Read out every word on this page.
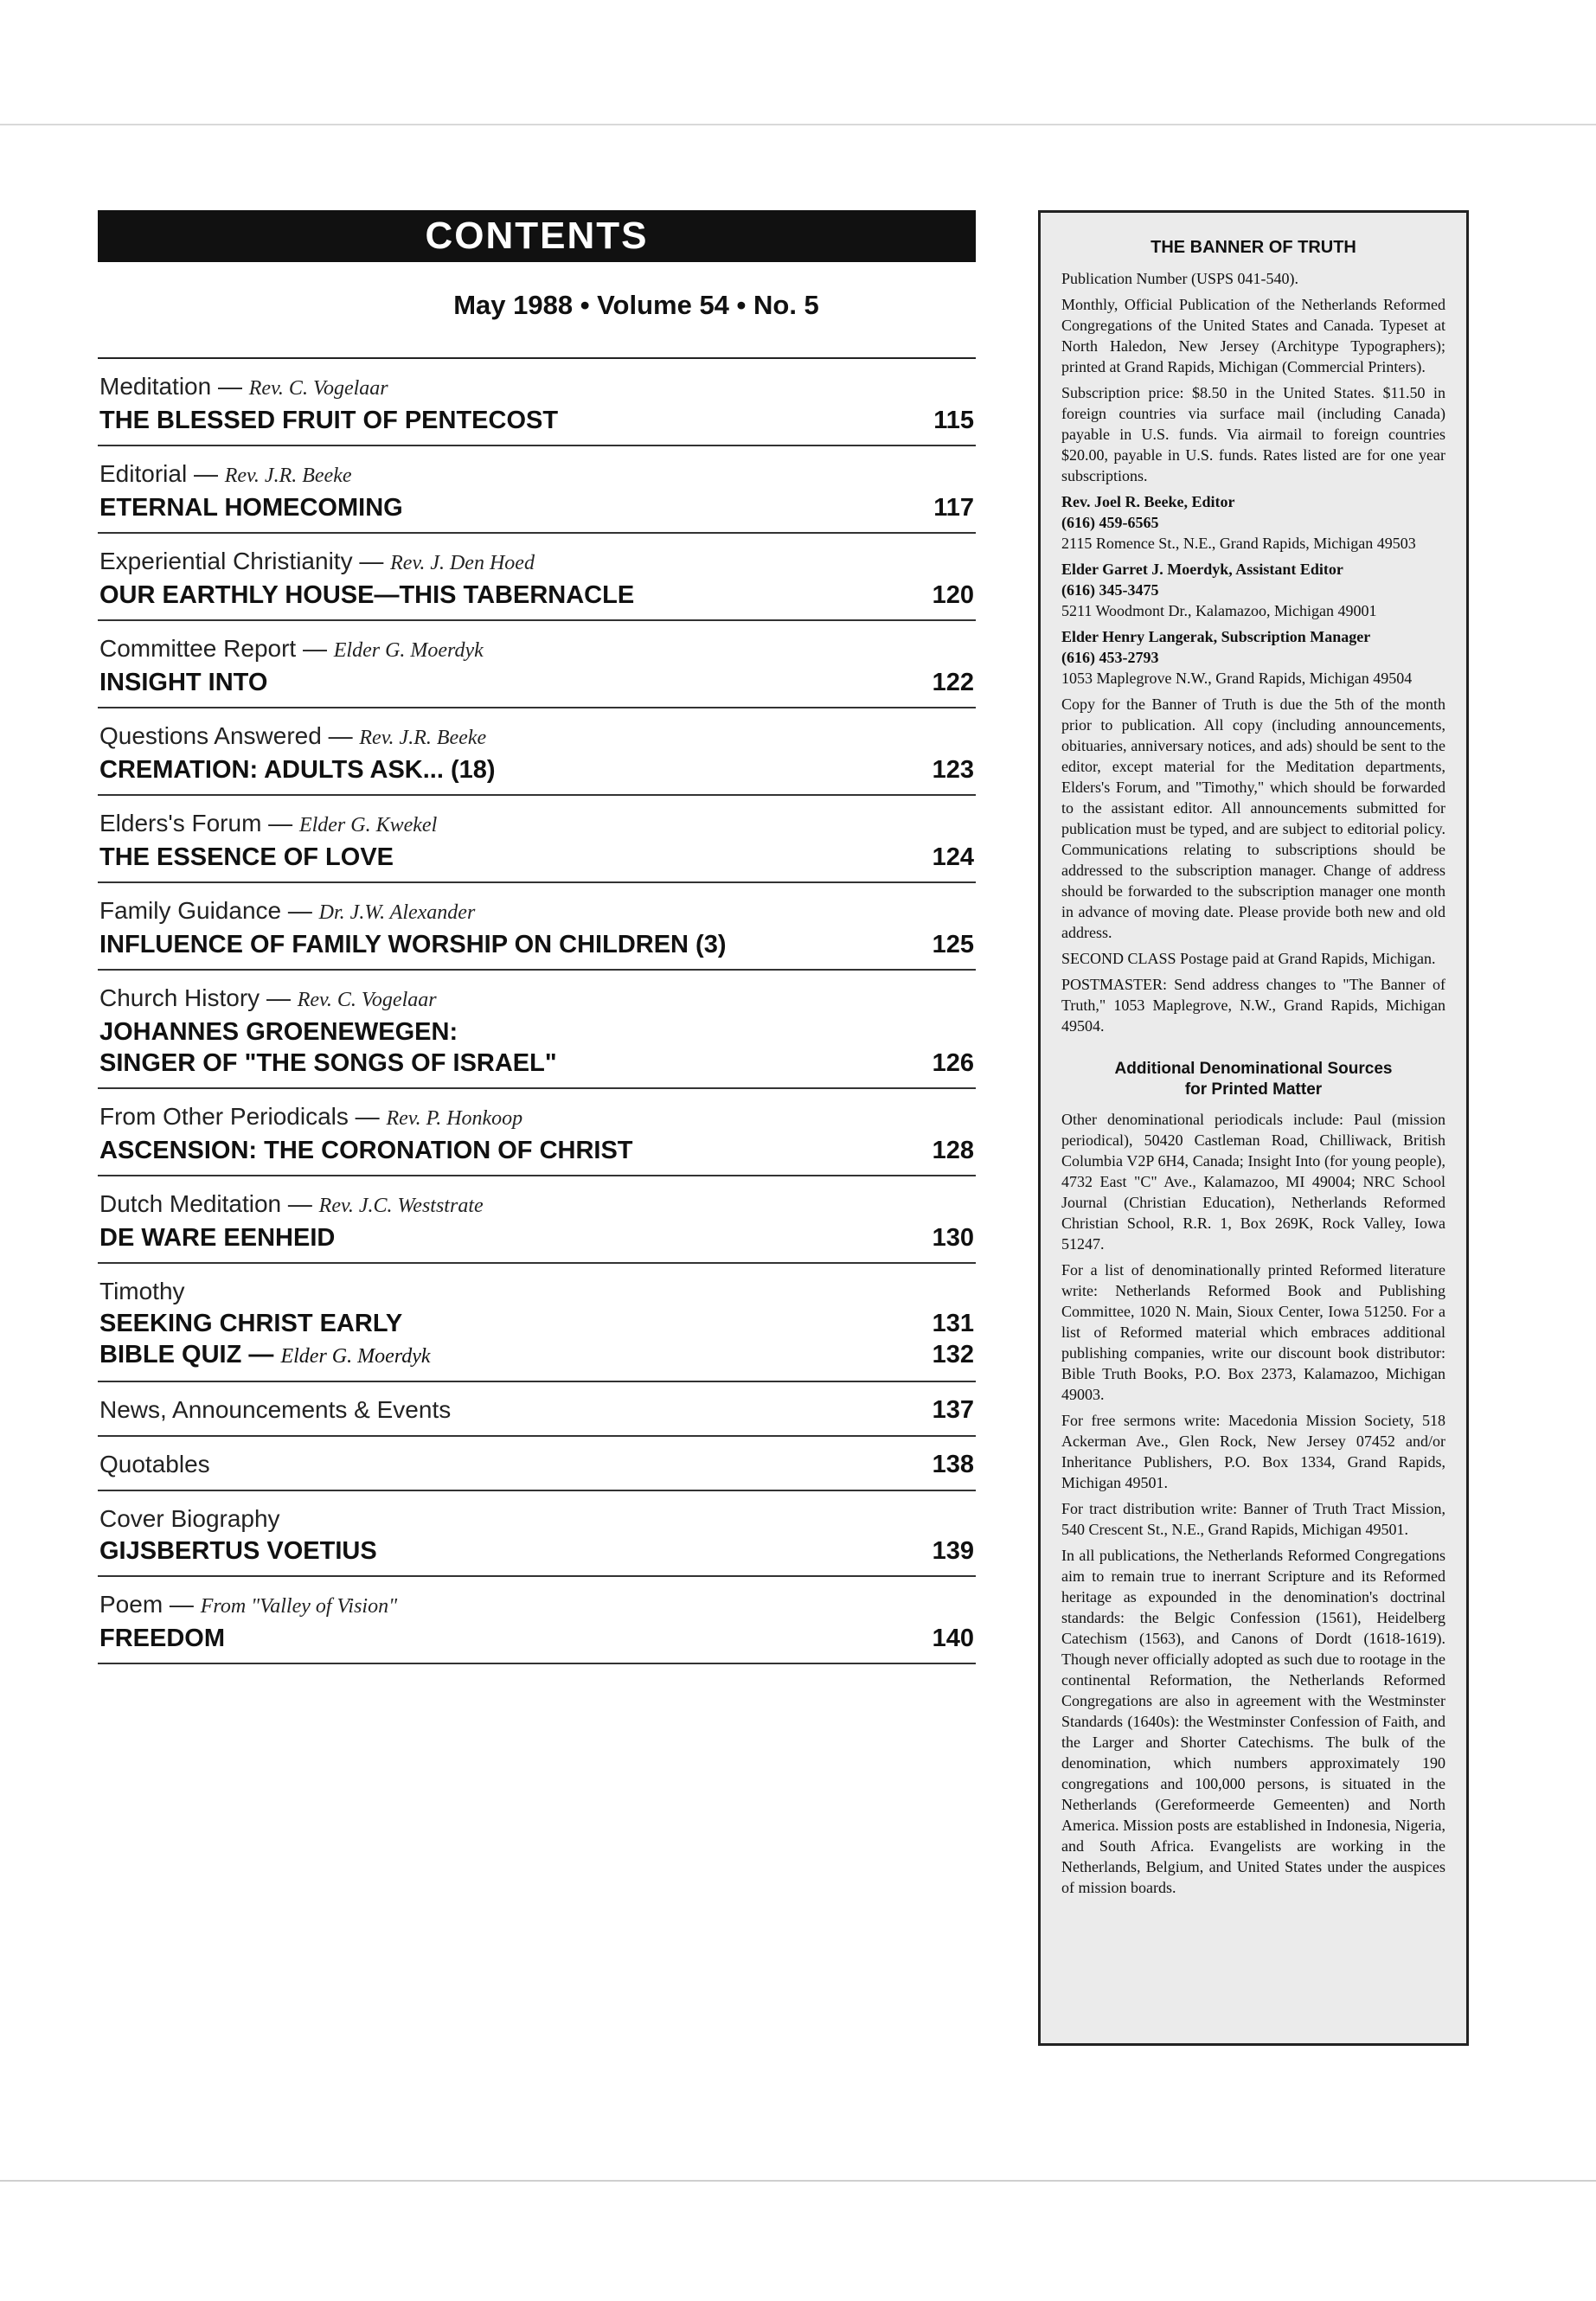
CONTENTS
May 1988 • Volume 54 • No. 5
Meditation — Rev. C. Vogelaar
THE BLESSED FRUIT OF PENTECOST	115
Editorial — Rev. J.R. Beeke
ETERNAL HOMECOMING	117
Experiential Christianity — Rev. J. Den Hoed
OUR EARTHLY HOUSE—THIS TABERNACLE	120
Committee Report — Elder G. Moerdyk
INSIGHT INTO	122
Questions Answered — Rev. J.R. Beeke
CREMATION: ADULTS ASK... (18)	123
Elders's Forum — Elder G. Kwekel
THE ESSENCE OF LOVE	124
Family Guidance — Dr. J.W. Alexander
INFLUENCE OF FAMILY WORSHIP ON CHILDREN (3)	125
Church History — Rev. C. Vogelaar
JOHANNES GROENEWEGEN:
SINGER OF "THE SONGS OF ISRAEL"	126
From Other Periodicals — Rev. P. Honkoop
ASCENSION: THE CORONATION OF CHRIST	128
Dutch Meditation — Rev. J.C. Weststrate
DE WARE EENHEID	130
Timothy
SEEKING CHRIST EARLY	131
BIBLE QUIZ — Elder G. Moerdyk	132
News, Announcements & Events	137
Quotables	138
Cover Biography
GIJSBERTUS VOETIUS	139
Poem — From "Valley of Vision"
FREEDOM	140
THE BANNER OF TRUTH

Publication Number (USPS 041-540).

Monthly, Official Publication of the Netherlands Reformed Congregations of the United States and Canada. Typeset at North Haledon, New Jersey (Architype Typographers); printed at Grand Rapids, Michigan (Commercial Printers).

Subscription price: $8.50 in the United States. $11.50 in foreign countries via surface mail (including Canada) payable in U.S. funds. Via airmail to foreign countries $20.00, payable in U.S. funds. Rates listed are for one year subscriptions.

Rev. Joel R. Beeke, Editor
(616) 459-6565
2115 Romence St., N.E., Grand Rapids, Michigan 49503
Elder Garret J. Moerdyk, Assistant Editor
(616) 345-3475
5211 Woodmont Dr., Kalamazoo, Michigan 49001
Elder Henry Langerak, Subscription Manager
(616) 453-2793
1053 Maplegrove N.W., Grand Rapids, Michigan 49504

Copy for the Banner of Truth is due the 5th of the month prior to publication. All copy (including announcements, obituaries, anniversary notices, and ads) should be sent to the editor, except material for the Meditation departments, Elders's Forum, and "Timothy," which should be forwarded to the assistant editor. All announcements submitted for publication must be typed, and are subject to editorial policy. Communications relating to subscriptions should be addressed to the subscription manager. Change of address should be forwarded to the subscription manager one month in advance of moving date. Please provide both new and old address.

SECOND CLASS Postage paid at Grand Rapids, Michigan.

POSTMASTER: Send address changes to "The Banner of Truth," 1053 Maplegrove, N.W., Grand Rapids, Michigan 49504.

Additional Denominational Sources
for Printed Matter

Other denominational periodicals include: Paul (mission periodical), 50420 Castleman Road, Chilliwack, British Columbia V2P 6H4, Canada; Insight Into (for young people), 4732 East "C" Ave., Kalamazoo, MI 49004; NRC School Journal (Christian Education), Netherlands Reformed Christian School, R.R. 1, Box 269K, Rock Valley, Iowa 51247.

For a list of denominationally printed Reformed literature write: Netherlands Reformed Book and Publishing Committee, 1020 N. Main, Sioux Center, Iowa 51250. For a list of Reformed material which embraces additional publishing companies, write our discount book distributor: Bible Truth Books, P.O. Box 2373, Kalamazoo, Michigan 49003.

For free sermons write: Macedonia Mission Society, 518 Ackerman Ave., Glen Rock, New Jersey 07452 and/or Inheritance Publishers, P.O. Box 1334, Grand Rapids, Michigan 49501.

For tract distribution write: Banner of Truth Tract Mission, 540 Crescent St., N.E., Grand Rapids, Michigan 49501.

In all publications, the Netherlands Reformed Congregations aim to remain true to inerrant Scripture and its Reformed heritage as expounded in the denomination's doctrinal standards: the Belgic Confession (1561), Heidelberg Catechism (1563), and Canons of Dordt (1618-1619). Though never officially adopted as such due to rootage in the continental Reformation, the Netherlands Reformed Congregations are also in agreement with the Westminster Standards (1640s): the Westminster Confession of Faith, and the Larger and Shorter Catechisms. The bulk of the denomination, which numbers approximately 190 congregations and 100,000 persons, is situated in the Netherlands (Gereformeerde Gemeenten) and North America. Mission posts are established in Indonesia, Nigeria, and South Africa. Evangelists are working in the Netherlands, Belgium, and United States under the auspices of mission boards.
